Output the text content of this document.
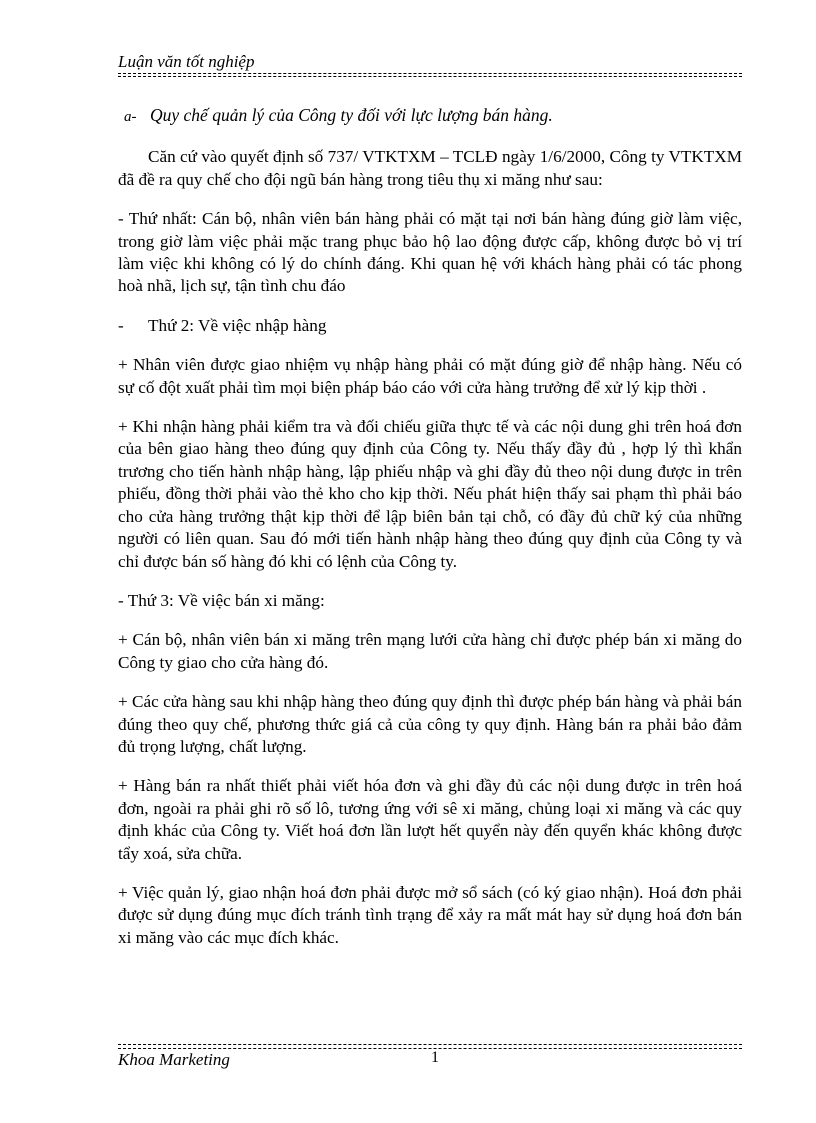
Luận văn tốt nghiệp
a- Quy chế quản lý của Công ty đối với lực lượng bán hàng.

Căn cứ vào quyết định số 737/ VTKTXM – TCLĐ ngày 1/6/2000, Công ty VTKTXM đã đề ra quy chế cho đội ngũ bán hàng trong tiêu thụ xi măng như sau:

- Thứ nhất: Cán bộ, nhân viên bán hàng phải có mặt tại nơi bán hàng đúng giờ làm việc, trong giờ làm việc phải mặc trang phục bảo hộ lao động được cấp, không được bỏ vị trí làm việc khi không có lý do chính đáng. Khi quan hệ với khách hàng phải có tác phong hoà nhã, lịch sự, tận tình chu đáo

- Thứ 2: Về việc nhập hàng

+ Nhân viên được giao nhiệm vụ nhập hàng phải có mặt đúng giờ để nhập hàng. Nếu có sự cố đột xuất phải tìm mọi biện pháp báo cáo với cửa hàng trưởng để xử lý kịp thời .

+ Khi nhận hàng phải kiểm tra và đối chiếu giữa thực tế và các nội dung ghi trên hoá đơn của bên giao hàng theo đúng quy định của Công ty. Nếu thấy đầy đủ , hợp lý thì khẩn trương cho tiến hành nhập hàng, lập phiếu nhập và ghi đầy đủ theo nội dung được in trên phiếu, đồng thời phải vào thẻ kho cho kịp thời. Nếu phát hiện thấy sai phạm thì phải báo cho cửa hàng trưởng thật kịp thời để lập biên bản tại chỗ, có đầy đủ chữ ký của những người có liên quan. Sau đó mới tiến hành nhập hàng theo đúng quy định của Công ty và chỉ được bán số hàng đó khi có lệnh của Công ty.

- Thứ 3: Về việc bán xi măng:

+ Cán bộ, nhân viên bán xi măng trên mạng lưới cửa hàng chỉ được phép bán xi măng do Công ty giao cho cửa hàng đó.

+ Các cửa hàng sau khi nhập hàng theo đúng quy định thì được phép bán hàng và phải bán đúng theo quy chế, phương thức giá cả của công ty quy định. Hàng bán ra phải bảo đảm đủ trọng lượng, chất lượng.

+ Hàng bán ra nhất thiết phải viết hóa đơn và ghi đầy đủ các nội dung được in trên hoá đơn, ngoài ra phải ghi rõ số lô, tương ứng với sê xi măng, chủng loại xi măng và các quy định khác của Công ty. Viết hoá đơn lần lượt hết quyển này đến quyển khác không được tẩy xoá, sửa chữa.

+ Việc quản lý, giao nhận hoá đơn phải được mở sổ sách (có ký giao nhận). Hoá đơn phải được sử dụng đúng mục đích tránh tình trạng để xảy ra mất mát hay sử dụng hoá đơn bán xi măng vào các mục đích khác.

Khoa Marketing	1
